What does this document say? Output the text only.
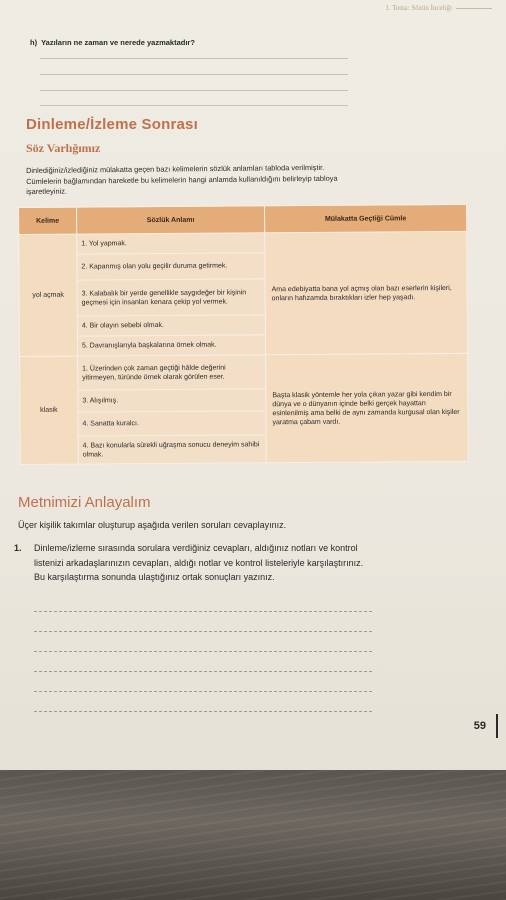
1. Tema: Sözün İnceliği
h) Yazıların ne zaman ve nerede yazmaktadır?
Dinleme/İzleme Sonrası
Söz Varlığımız
Dinlediğiniz/izlediğiniz mülakatta geçen bazı kelimelerin sözlük anlamları tabloda verilmiştir. Cümlelerin bağlamından hareketle bu kelimelerin hangi anlamda kullanıldığını belirleyip tabloya işaretleyiniz.
Kelime	Sözlük Anlamı	Mülakatta Geçtiği Cümle
yol açmak	1. Yol yapmak.	Ama edebiyatta bana yol açmış olan bazı eserlerin kişileri, onların hafızamda bıraktıkları izler hep yaşadı.
	2. Kapanmış olan yolu geçilir duruma getirmek.	
	3. Kalabalık bir yerde genellikle saygıdeğer bir kişinin geçmesi için insanları kenara çekip yol vermek.	
	4. Bir olayın sebebi olmak.	
	5. Davranışlarıyla başkalarına örnek olmak.	
klasik	1. Üzerinden çok zaman geçtiği hâlde değerini yitirmeyen, türünde örnek olarak görülen eser.	Başta klasik yöntemle her yola çıkan yazar gibi kendim bir dünya ve o dünyanın içinde belki gerçek hayattan esinlenilmiş ama belki de aynı zamanda kurgusal olan kişiler yaratma çabam vardı.
	3. Alışılmış.	
	4. Sanatta kuralcı.	
	4. Bazı konularla sürekli uğraşma sonucu deneyim sahibi olmak.	
Metnimizi Anlayalım
Üçer kişilik takımlar oluşturup aşağıda verilen soruları cevaplayınız.
1. Dinleme/izleme sırasında sorulara verdiğiniz cevapları, aldığınız notları ve kontrol listenizi arkadaşlarınızın cevapları, aldığı notlar ve kontrol listeleriyle karşılaştırınız. Bu karşılaştırma sonunda ulaştığınız ortak sonuçları yazınız.
59
